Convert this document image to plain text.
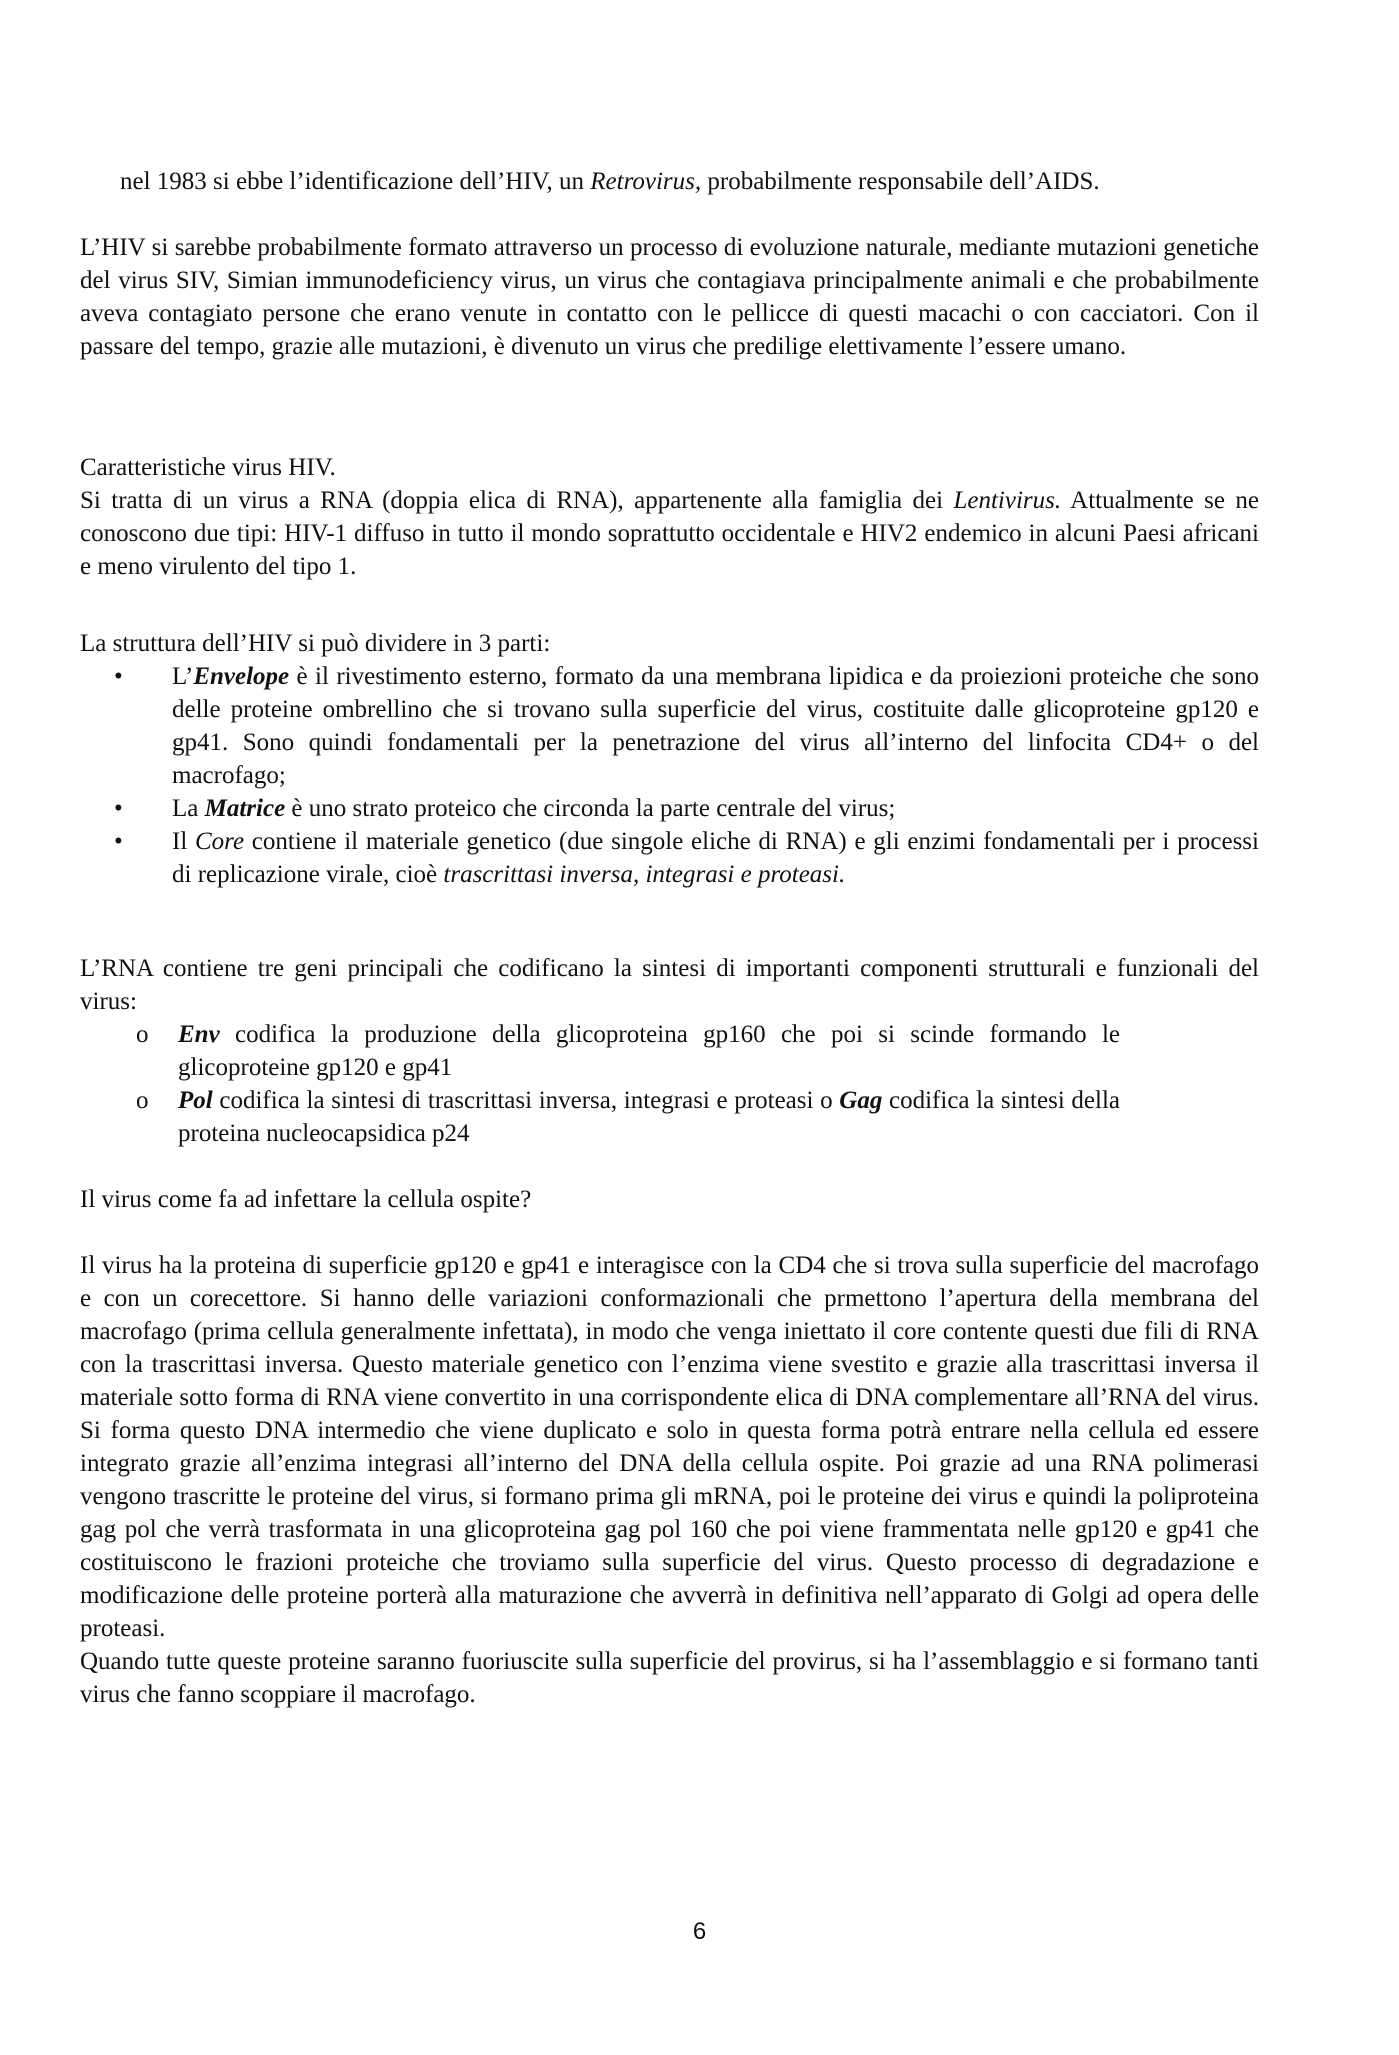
nel 1983 si ebbe l’identificazione dell’HIV, un Retrovirus, probabilmente responsabile dell’AIDS.

L’HIV si sarebbe probabilmente formato attraverso un processo di evoluzione naturale, mediante mutazioni genetiche del virus SIV, Simian immunodeficiency virus, un virus che contagiava principalmente animali e che probabilmente aveva contagiato persone che erano venute in contatto con le pellicce di questi macachi o con cacciatori. Con il passare del tempo, grazie alle mutazioni, è divenuto un virus che predilige elettivamente l’essere umano.

Caratteristiche virus HIV.

Si tratta di un virus a RNA (doppia elica di RNA), appartenente alla famiglia dei Lentivirus. Attualmente se ne conoscono due tipi: HIV-1 diffuso in tutto il mondo soprattutto occidentale e HIV2 endemico in alcuni Paesi africani e meno virulento del tipo 1.

La struttura dell’HIV si può dividere in 3 parti:

• L’Envelope è il rivestimento esterno, formato da una membrana lipidica e da proiezioni proteiche che sono delle proteine ombrellino che si trovano sulla superficie del virus, costituite dalle glicoproteine gp120 e gp41. Sono quindi fondamentali per la penetrazione del virus all’interno del linfocita CD4+ o del macrofago;
• La Matrice è uno strato proteico che circonda la parte centrale del virus;
• Il Core contiene il materiale genetico (due singole eliche di RNA) e gli enzimi fondamentali per i processi di replicazione virale, cioè trascrittasi inversa, integrasi e proteasi.

L’RNA contiene tre geni principali che codificano la sintesi di importanti componenti strutturali e funzionali del virus:

o Env codifica la produzione della glicoproteina gp160 che poi si scinde formando le glicoproteine gp120 e gp41
o Pol codifica la sintesi di trascrittasi inversa, integrasi e proteasi o Gag codifica la sintesi della proteina nucleocapsidica p24

Il virus come fa ad infettare la cellula ospite?

Il virus ha la proteina di superficie gp120 e gp41 e interagisce con la CD4 che si trova sulla superficie del macrofago e con un corecettore. Si hanno delle variazioni conformazionali che prmettono l’apertura della membrana del macrofago (prima cellula generalmente infettata), in modo che venga iniettato il core contente questi due fili di RNA con la trascrittasi inversa. Questo materiale genetico con l’enzima viene svestito e grazie alla trascrittasi inversa il materiale sotto forma di RNA viene convertito in una corrispondente elica di DNA complementare all’RNA del virus. Si forma questo DNA intermedio che viene duplicato e solo in questa forma potrà entrare nella cellula ed essere integrato grazie all’enzima integrasi all’interno del DNA della cellula ospite. Poi grazie ad una RNA polimerasi vengono trascritte le proteine del virus, si formano prima gli mRNA, poi le proteine dei virus e quindi la poliproteina gag pol che verrà trasformata in una glicoproteina gag pol 160 che poi viene frammentata nelle gp120 e gp41 che costituiscono le frazioni proteiche che troviamo sulla superficie del virus. Questo processo di degradazione e modificazione delle proteine porterà alla maturazione che avverrà in definitiva nell’apparato di Golgi ad opera delle proteasi.

Quando tutte queste proteine saranno fuoriuscite sulla superficie del provirus, si ha l’assemblaggio e si formano tanti virus che fanno scoppiare il macrofago.

6
